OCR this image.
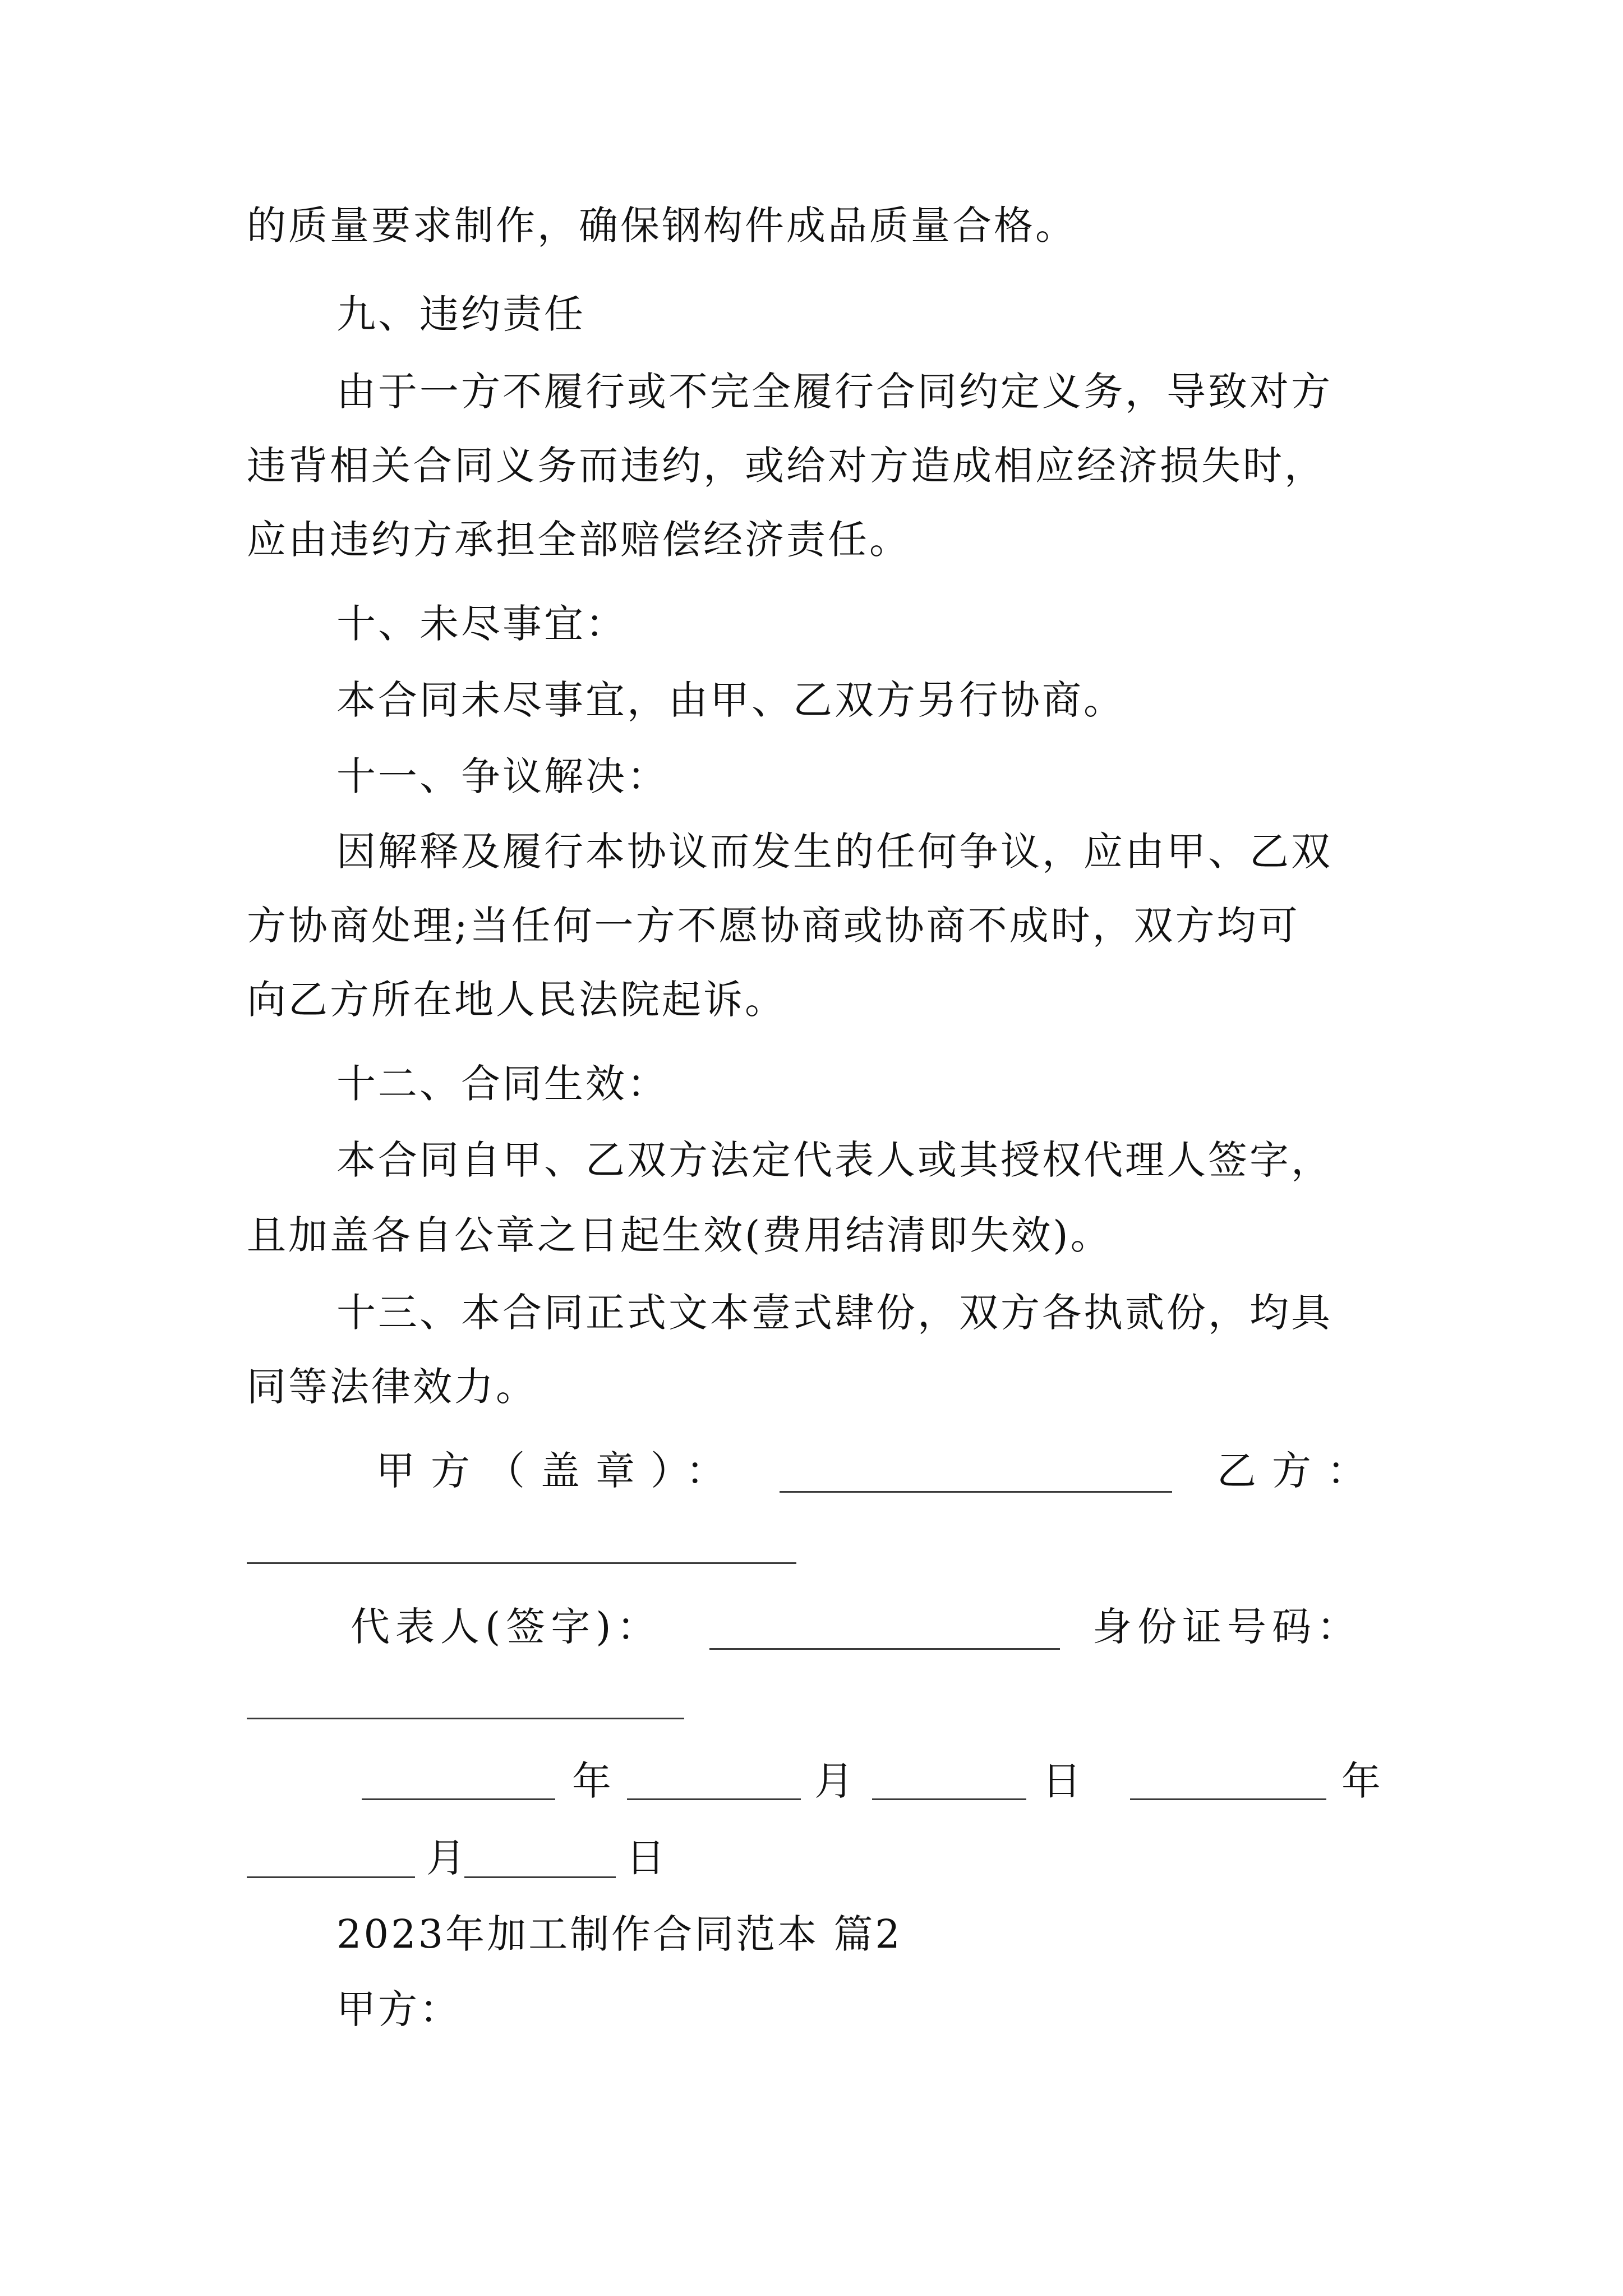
的质量要求制作，确保钢构件成品质量合格。
九、违约责任
由于一方不履行或不完全履行合同约定义务，导致对方
违背相关合同义务而违约，或给对方造成相应经济损失时，
应由违约方承担全部赔偿经济责任。
十、未尽事宜：
本合同未尽事宜，由甲、乙双方另行协商。
十一、争议解决：
因解释及履行本协议而发生的任何争议，应由甲、乙双
方协商处理;当任何一方不愿协商或协商不成时，双方均可
向乙方所在地人民法院起诉。
十二、合同生效：
本合同自甲、乙双方法定代表人或其授权代理人签字，
且加盖各自公章之日起生效(费用结清即失效)。
十三、本合同正式文本壹式肆份，双方各执贰份，均具
同等法律效力。
甲方（盖章）：	乙方：
代表人(签字)：	身份证号码：
年	月	日	年
月	日
2023年加工制作合同范本 篇2
甲方：
